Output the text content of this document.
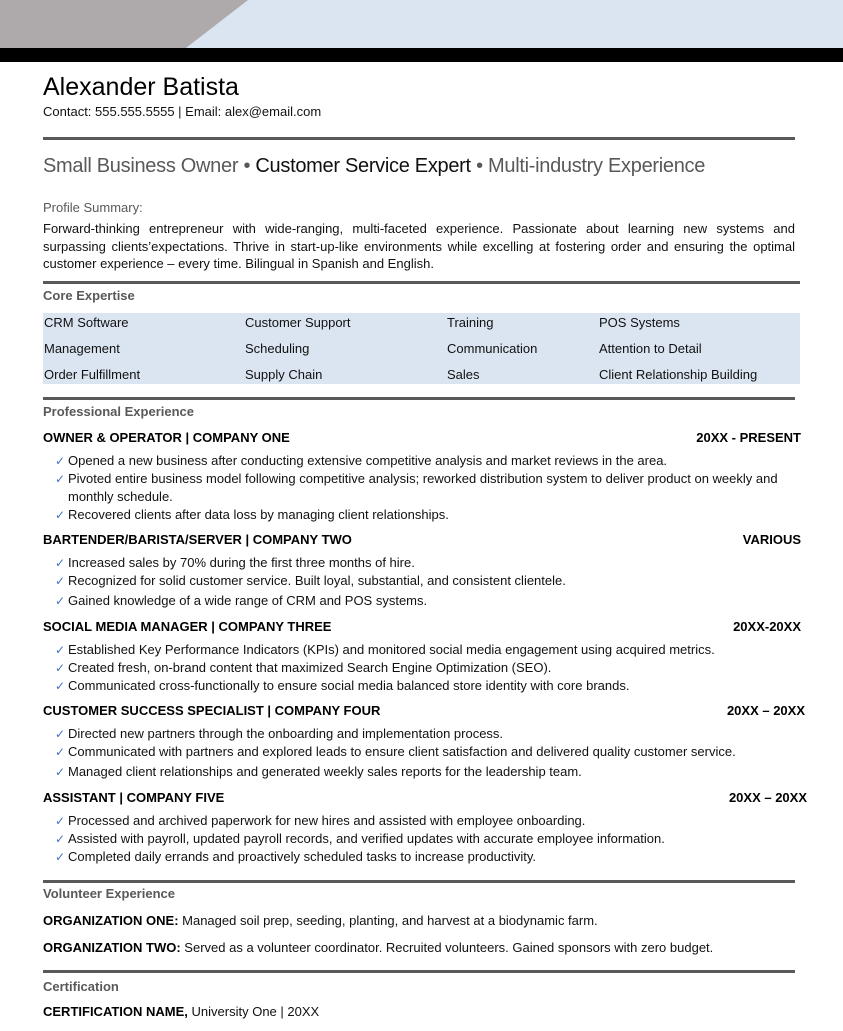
Alexander Batista
Contact: 555.555.5555 | Email: alex@email.com
Small Business Owner • Customer Service Expert • Multi-industry Experience
Profile Summary:
Forward-thinking entrepreneur with wide-ranging, multi-faceted experience. Passionate about learning new systems and surpassing clients’expectations. Thrive in start-up-like environments while excelling at fostering order and ensuring the optimal customer experience – every time. Bilingual in Spanish and English.
Core Expertise
CRM Software	Customer Support	Training	POS Systems
Management	Scheduling	Communication	Attention to Detail
Order Fulfillment	Supply Chain	Sales	Client Relationship Building
Professional Experience
OWNER & OPERATOR | COMPANY ONE	20XX - PRESENT
✓ Opened a new business after conducting extensive competitive analysis and market reviews in the area.
✓ Pivoted entire business model following competitive analysis; reworked distribution system to deliver product on weekly and monthly schedule.
✓ Recovered clients after data loss by managing client relationships.
BARTENDER/BARISTA/SERVER | COMPANY TWO	VARIOUS
✓ Increased sales by 70% during the first three months of hire.
✓ Recognized for solid customer service. Built loyal, substantial, and consistent clientele.
✓ Gained knowledge of a wide range of CRM and POS systems.
SOCIAL MEDIA MANAGER | COMPANY THREE	20XX-20XX
✓ Established Key Performance Indicators (KPIs) and monitored social media engagement using acquired metrics.
✓ Created fresh, on-brand content that maximized Search Engine Optimization (SEO).
✓ Communicated cross-functionally to ensure social media balanced store identity with core brands.
CUSTOMER SUCCESS SPECIALIST | COMPANY FOUR	20XX – 20XX
✓ Directed new partners through the onboarding and implementation process.
✓ Communicated with partners and explored leads to ensure client satisfaction and delivered quality customer service.
✓ Managed client relationships and generated weekly sales reports for the leadership team.
ASSISTANT | COMPANY FIVE	20XX – 20XX
✓ Processed and archived paperwork for new hires and assisted with employee onboarding.
✓ Assisted with payroll, updated payroll records, and verified updates with accurate employee information.
✓ Completed daily errands and proactively scheduled tasks to increase productivity.
Volunteer Experience
ORGANIZATION ONE: Managed soil prep, seeding, planting, and harvest at a biodynamic farm.
ORGANIZATION TWO: Served as a volunteer coordinator. Recruited volunteers. Gained sponsors with zero budget.
Certification
CERTIFICATION NAME, University One | 20XX
